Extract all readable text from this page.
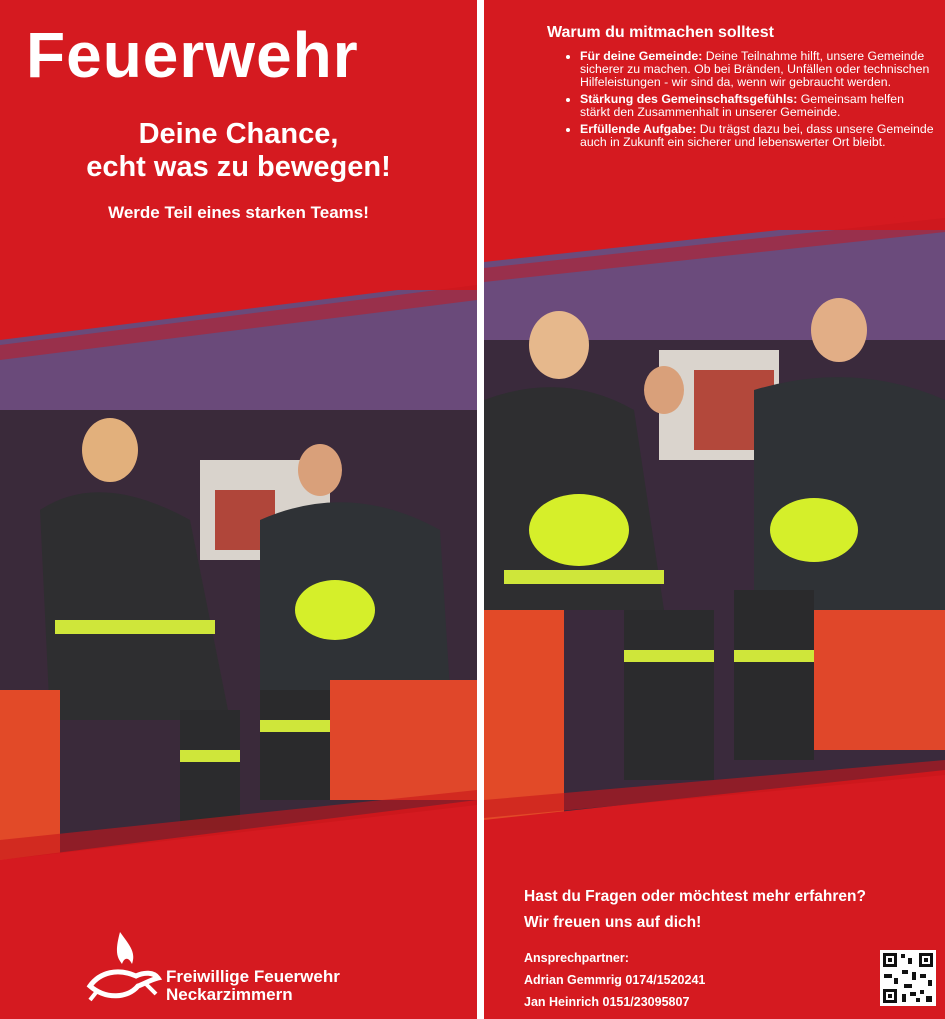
Feuerwehr
Deine Chance,
echt was zu bewegen!
Werde Teil eines starken Teams!
Freiwillige Feuerwehr
Neckarzimmern
Warum du mitmachen solltest
• Für deine Gemeinde: Deine Teilnahme hilft, unsere Gemeinde sicherer zu machen. Ob bei Bränden, Unfällen oder technischen Hilfeleistungen - wir sind da, wenn wir gebraucht werden.
• Stärkung des Gemeinschaftsgefühls: Gemeinsam helfen stärkt den Zusammenhalt in unserer Gemeinde.
• Erfüllende Aufgabe: Du trägst dazu bei, dass unsere Gemeinde auch in Zukunft ein sicherer und lebenswerter Ort bleibt.
Hast du Fragen oder möchtest mehr erfahren?
Wir freuen uns auf dich!
Ansprechpartner:
Adrian Gemmrig 0174/1520241
Jan Heinrich 0151/23095807
